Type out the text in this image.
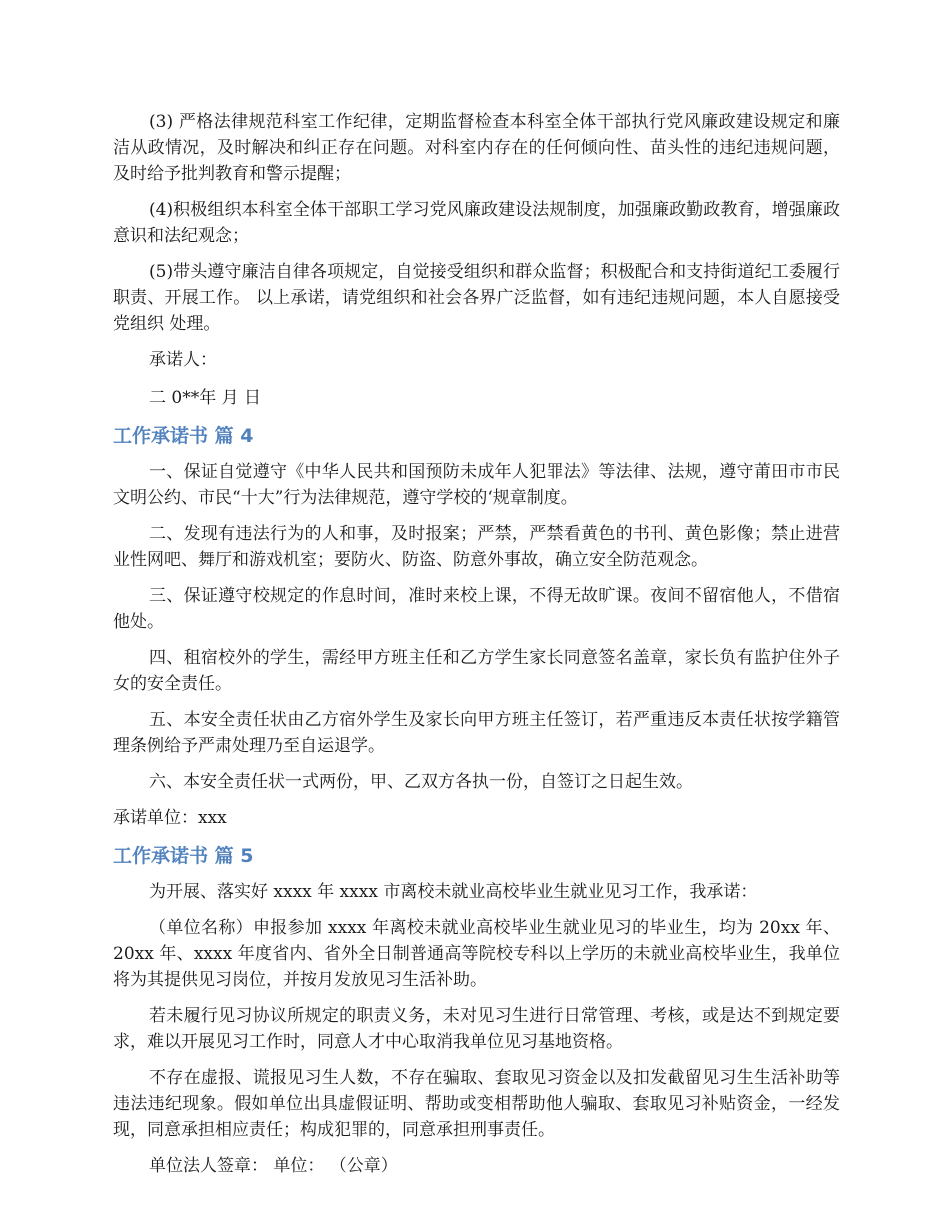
(3) 严格法律规范科室工作纪律，定期监督检查本科室全体干部执行党风廉政建设规定和廉洁从政情况，及时解决和纠正存在问题。对科室内存在的任何倾向性、苗头性的违纪违规问题，及时给予批判教育和警示提醒；

(4)积极组织本科室全体干部职工学习党风廉政建设法规制度，加强廉政勤政教育，增强廉政意识和法纪观念；

(5)带头遵守廉洁自律各项规定，自觉接受组织和群众监督；积极配合和支持街道纪工委履行职责、开展工作。 以上承诺，请党组织和社会各界广泛监督，如有违纪违规问题，本人自愿接受党组织 处理。

承诺人：

二 0**年 月 日

工作承诺书 篇 4

一、保证自觉遵守《中华人民共和国预防未成年人犯罪法》等法律、法规，遵守莆田市市民文明公约、市民“十大”行为法律规范，遵守学校的‘规章制度。

二、发现有违法行为的人和事，及时报案；严禁，严禁看黄色的书刊、黄色影像；禁止进营业性网吧、舞厅和游戏机室；要防火、防盗、防意外事故，确立安全防范观念。

三、保证遵守校规定的作息时间，准时来校上课，不得无故旷课。夜间不留宿他人，不借宿他处。

四、租宿校外的学生，需经甲方班主任和乙方学生家长同意签名盖章，家长负有监护住外子女的安全责任。

五、本安全责任状由乙方宿外学生及家长向甲方班主任签订，若严重违反本责任状按学籍管理条例给予严肃处理乃至自运退学。

六、本安全责任状一式两份，甲、乙双方各执一份，自签订之日起生效。

承诺单位：xxx

工作承诺书 篇 5

为开展、落实好 xxxx 年 xxxx 市离校未就业高校毕业生就业见习工作，我承诺：

（单位名称）申报参加 xxxx 年离校未就业高校毕业生就业见习的毕业生，均为 20xx 年、20xx 年、xxxx 年度省内、省外全日制普通高等院校专科以上学历的未就业高校毕业生，我单位将为其提供见习岗位，并按月发放见习生活补助。

若未履行见习协议所规定的职责义务，未对见习生进行日常管理、考核，或是达不到规定要求，难以开展见习工作时，同意人才中心取消我单位见习基地资格。

不存在虚报、谎报见习生人数，不存在骗取、套取见习资金以及扣发截留见习生生活补助等违法违纪现象。假如单位出具虚假证明、帮助或变相帮助他人骗取、套取见习补贴资金，一经发现，同意承担相应责任；构成犯罪的，同意承担刑事责任。

单位法人签章： 单位： （公章）
